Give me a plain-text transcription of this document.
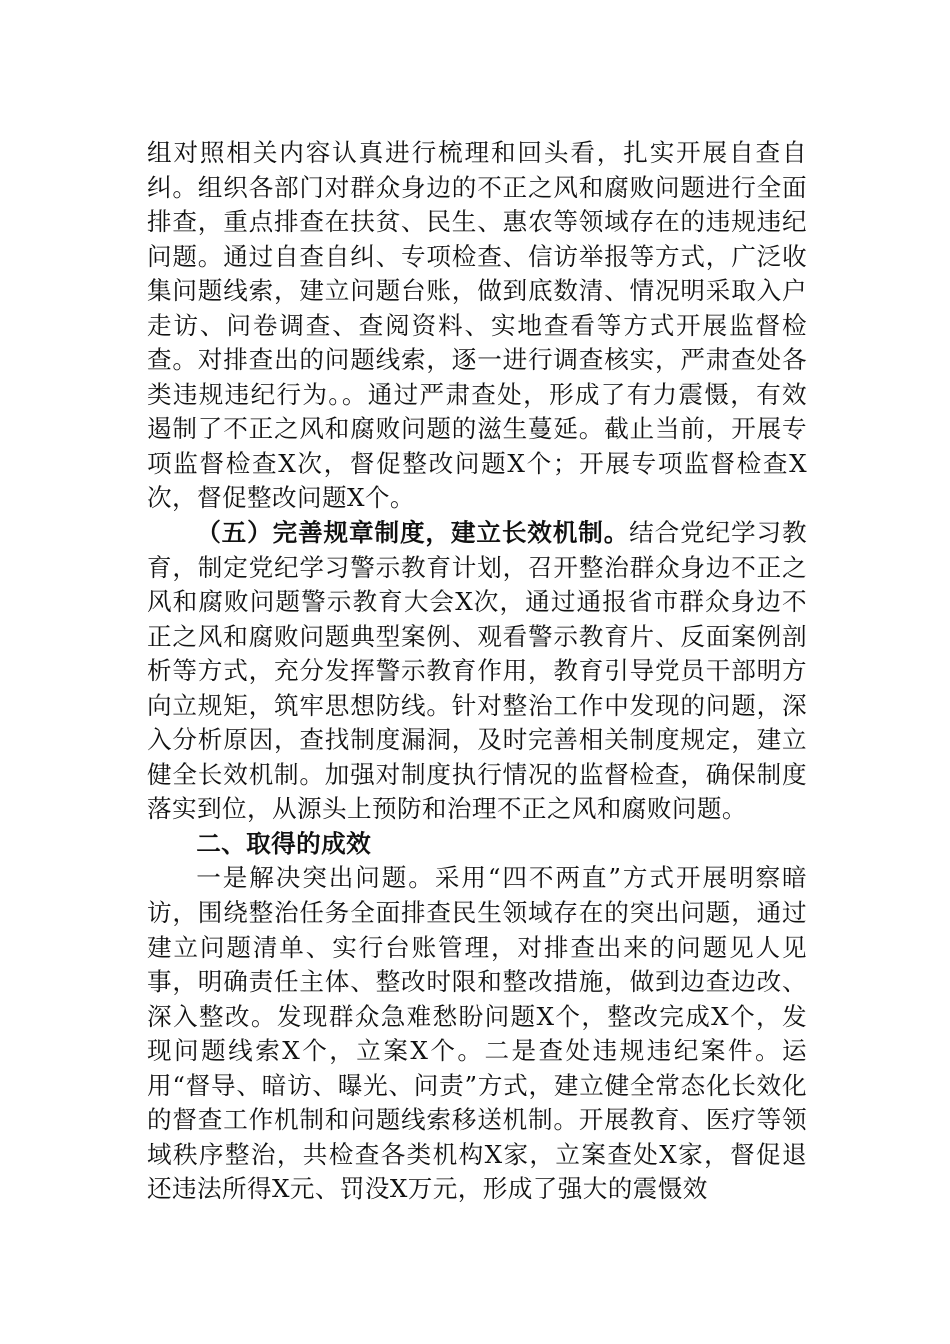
组对照相关内容认真进行梳理和回头看，扎实开展自查自纠。组织各部门对群众身边的不正之风和腐败问题进行全面排查，重点排查在扶贫、民生、惠农等领域存在的违规违纪问题。通过自查自纠、专项检查、信访举报等方式，广泛收集问题线索，建立问题台账，做到底数清、情况明采取入户走访、问卷调查、查阅资料、实地查看等方式开展监督检查。对排查出的问题线索，逐一进行调查核实，严肃查处各类违规违纪行为。。通过严肃查处，形成了有力震慑，有效遏制了不正之风和腐败问题的滋生蔓延。截止当前，开展专项监督检查X次，督促整改问题X个；开展专项监督检查X次，督促整改问题X个。

（五）完善规章制度，建立长效机制。结合党纪学习教育，制定党纪学习警示教育计划，召开整治群众身边不正之风和腐败问题警示教育大会X次，通过通报省市群众身边不正之风和腐败问题典型案例、观看警示教育片、反面案例剖析等方式，充分发挥警示教育作用，教育引导党员干部明方向立规矩，筑牢思想防线。针对整治工作中发现的问题，深入分析原因，查找制度漏洞，及时完善相关制度规定，建立健全长效机制。加强对制度执行情况的监督检查，确保制度落实到位，从源头上预防和治理不正之风和腐败问题。

二、取得的成效

一是解决突出问题。采用“四不两直”方式开展明察暗访，围绕整治任务全面排查民生领域存在的突出问题，通过建立问题清单、实行台账管理，对排查出来的问题见人见事，明确责任主体、整改时限和整改措施，做到边查边改、深入整改。发现群众急难愁盼问题X个，整改完成X个，发现问题线索X个，立案X个。二是查处违规违纪案件。运用“督导、暗访、曝光、问责”方式，建立健全常态化长效化的督查工作机制和问题线索移送机制。开展教育、医疗等领域秩序整治，共检查各类机构X家，立案查处X家，督促退还违法所得X元、罚没X万元，形成了强大的震慑效
